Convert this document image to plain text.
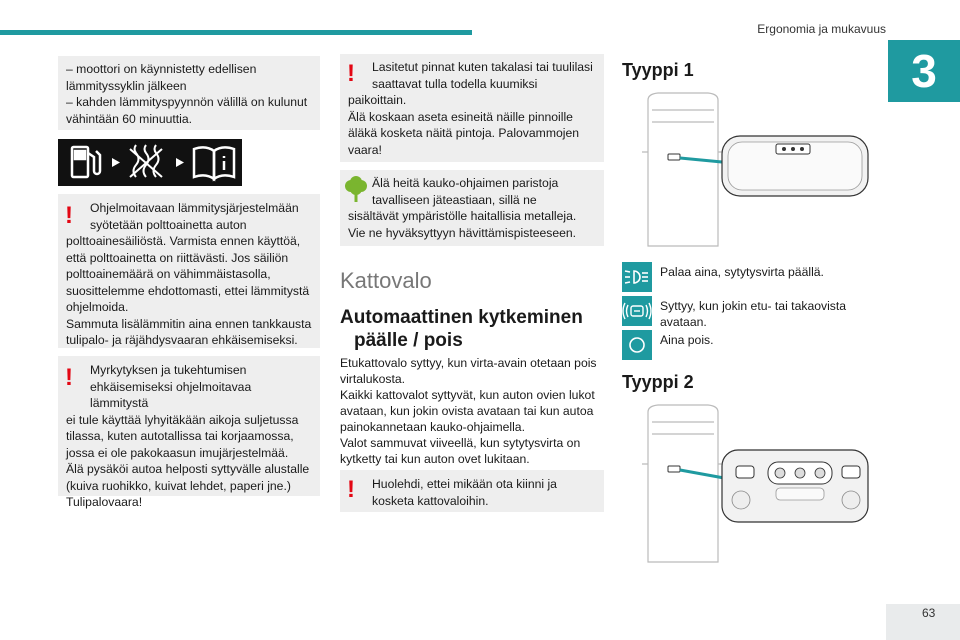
Ergonomia ja mukavuus
3
63

– moottori on käynnistetty edellisen

lämmityssyklin jälkeen

– kahden lämmityspyynnön välillä on kulunut

vähintään 60 minuuttia.

!	Ohjelmoitavaan lämmitysjärjestelmään

syötetään polttoainetta auton

polttoainesäiliöstä. Varmista ennen käyttöä,

että polttoainetta on riittävästi. Jos säiliön

polttoainemäärä on vähimmäistasolla,

suosittelemme ehdottomasti, ettei lämmitystä

ohjelmoida.

Sammuta lisälämmitin aina ennen tankkausta

tulipalo- ja räjähdysvaaran ehkäisemiseksi.

!	Myrkytyksen ja tukehtumisen

ehkäisemiseksi ohjelmoitavaa lämmitystä

ei tule käyttää lyhyitäkään aikoja suljetussa

tilassa, kuten autotallissa tai korjaamossa,

jossa ei ole pakokaasun imujärjestelmää.

Älä pysäköi autoa helposti syttyvälle alustalle

(kuiva ruohikko, kuivat lehdet, paperi jne.)

Tulipalovaara!

!	Lasitetut pinnat kuten takalasi tai tuulilasi

saattavat tulla todella kuumiksi

paikoittain.

Älä koskaan aseta esineitä näille pinnoille

äläkä kosketa näitä pintoja. Palovammojen

vaara!

Älä heitä kauko-ohjaimen paristoja

tavalliseen jäteastiaan, sillä ne

sisältävät ympäristölle haitallisia metalleja.

Vie ne hyväksyttyyn hävittämispisteeseen.

Kattovalo
Automaattinen kytkeminen
päälle / pois
Etukattovalo syttyy, kun virta-avain otetaan pois
virtalukosta.
Kaikki kattovalot syttyvät, kun auton ovien lukot
avataan, kun jokin ovista avataan tai kun autoa
painokannetaan kauko-ohjaimella.
Valot sammuvat viiveellä, kun sytytysvirta on
kytketty tai kun auton ovet lukitaan.
!	Huolehdi, ettei mikään ota kiinni ja

kosketa kattovaloihin.

Tyyppi 1
Palaa aina, sytytysvirta päällä.
Syttyy, kun jokin etu- tai takaovista
avataan.
Aina pois.
Tyyppi 2
